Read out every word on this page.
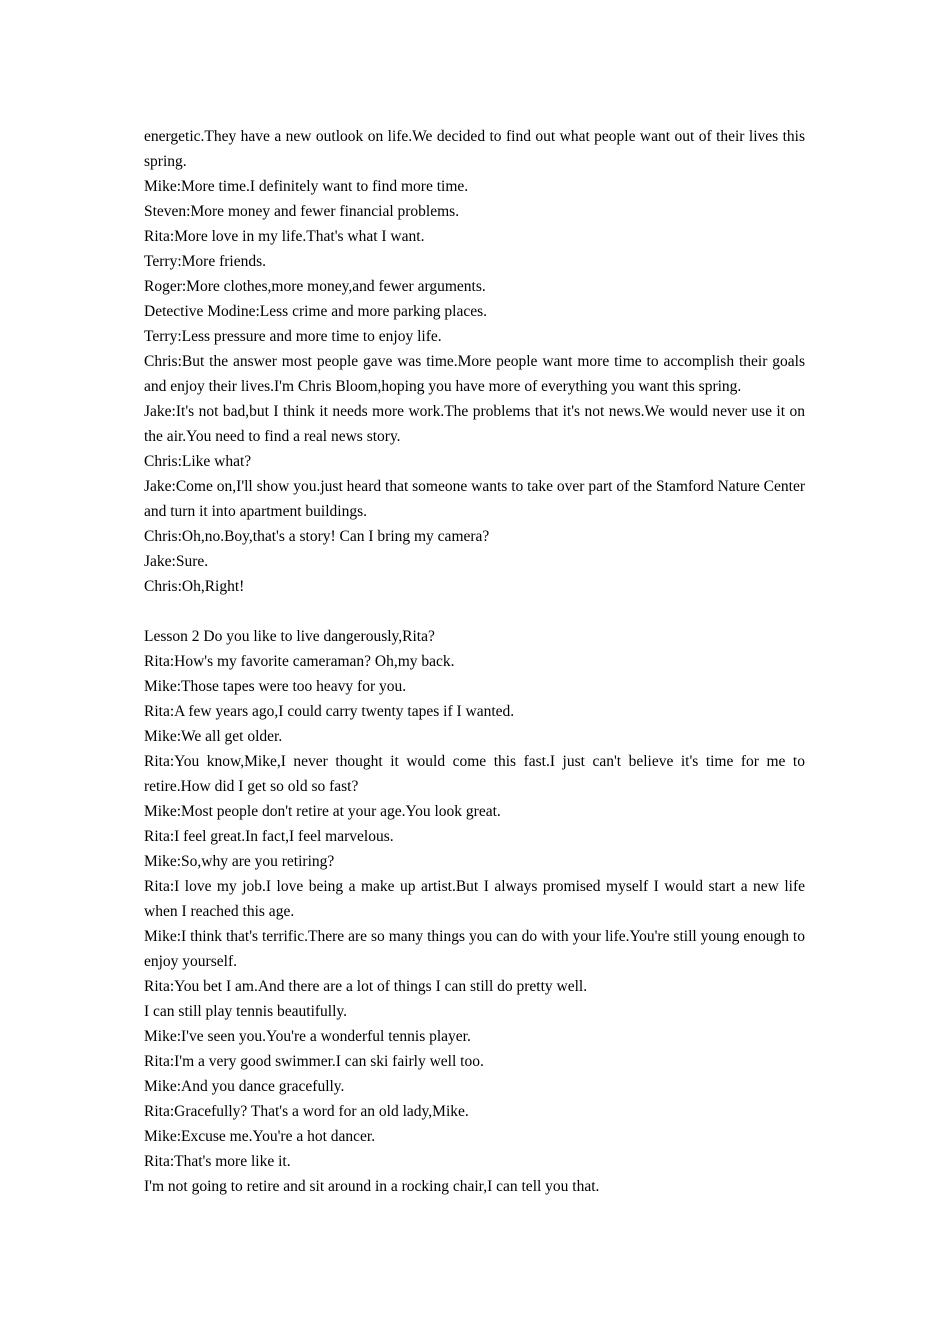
energetic.They have a new outlook on life.We decided to find out what people want out of their lives this spring.

Mike:More time.I definitely want to find more time.

Steven:More money and fewer financial problems.

Rita:More love in my life.That's what I want.

Terry:More friends.

Roger:More clothes,more money,and fewer arguments.

Detective Modine:Less crime and more parking places.

Terry:Less pressure and more time to enjoy life.

Chris:But the answer most people gave was time.More people want more time to accomplish their goals and enjoy their lives.I'm Chris Bloom,hoping you have more of everything you want this spring.

Jake:It's not bad,but I think it needs more work.The problems that it's not news.We would never use it on the air.You need to find a real news story.

Chris:Like what?

Jake:Come on,I'll show you.just heard that someone wants to take over part of the Stamford Nature Center and turn it into apartment buildings.

Chris:Oh,no.Boy,that's a story! Can I bring my camera?

Jake:Sure.

Chris:Oh,Right!

Lesson 2 Do you like to live dangerously,Rita?

Rita:How's my favorite cameraman? Oh,my back.

Mike:Those tapes were too heavy for you.

Rita:A few years ago,I could carry twenty tapes if I wanted.

Mike:We all get older.

Rita:You know,Mike,I never thought it would come this fast.I just can't believe it's time for me to retire.How did I get so old so fast?

Mike:Most people don't retire at your age.You look great.

Rita:I feel great.In fact,I feel marvelous.

Mike:So,why are you retiring?

Rita:I love my job.I love being a make up artist.But I always promised myself I would start a new life when I reached this age.

Mike:I think that's terrific.There are so many things you can do with your life.You're still young enough to enjoy yourself.

Rita:You bet I am.And there are a lot of things I can still do pretty well.

I can still play tennis beautifully.

Mike:I've seen you.You're a wonderful tennis player.

Rita:I'm a very good swimmer.I can ski fairly well too.

Mike:And you dance gracefully.

Rita:Gracefully? That's a word for an old lady,Mike.

Mike:Excuse me.You're a hot dancer.

Rita:That's more like it.

I'm not going to retire and sit around in a rocking chair,I can tell you that.
